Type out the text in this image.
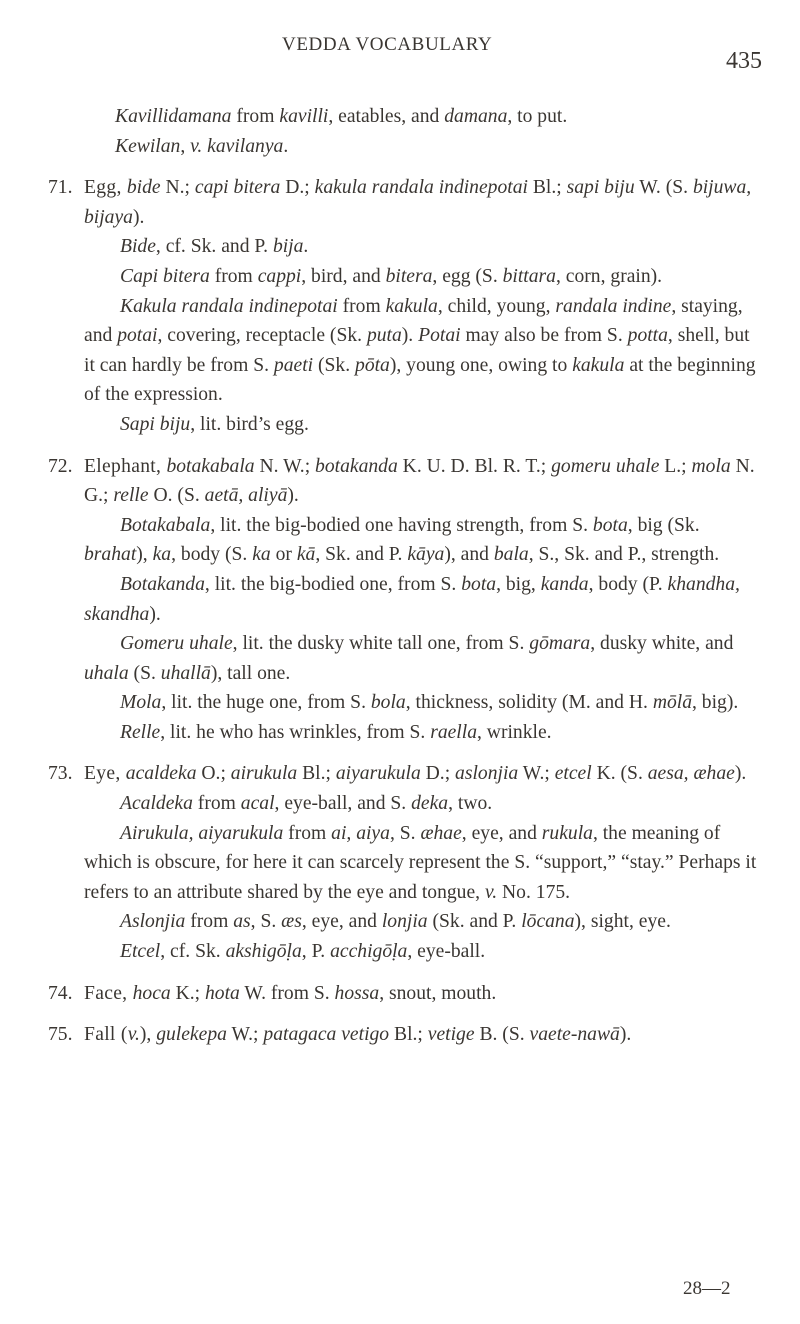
VEDDA VOCABULARY
435

Kavillidamana from kavilli, eatables, and damana, to put.

Kewilan, v. kavilanya.

71. Egg, bide N.; capi bitera D.; kakula randala indinepotai Bl.; sapi biju W. (S. bijuwa, bijaya).

Bide, cf. Sk. and P. bija.

Capi bitera from cappi, bird, and bitera, egg (S. bittara, corn, grain).

Kakula randala indinepotai from kakula, child, young, randala indine, staying, and potai, covering, receptacle (Sk. puta). Potai may also be from S. potta, shell, but it can hardly be from S. paeti (Sk. pōta), young one, owing to kakula at the beginning of the expression.

Sapi biju, lit. bird’s egg.

72. Elephant, botakabala N. W.; botakanda K. U. D. Bl. R. T.; gomeru uhale L.; mola N. G.; relle O. (S. aetā, aliyā).

Botakabala, lit. the big-bodied one having strength, from S. bota, big (Sk. brahat), ka, body (S. ka or kā, Sk. and P. kāya), and bala, S., Sk. and P., strength.

Botakanda, lit. the big-bodied one, from S. bota, big, kanda, body (P. khandha, skandha).

Gomeru uhale, lit. the dusky white tall one, from S. gōmara, dusky white, and uhala (S. uhallā), tall one.

Mola, lit. the huge one, from S. bola, thickness, solidity (M. and H. mōlā, big).

Relle, lit. he who has wrinkles, from S. raella, wrinkle.

73. Eye, acaldeka O.; airukula Bl.; aiyarukula D.; aslonjia W.; etcel K. (S. aesa, æhae).

Acaldeka from acal, eye-ball, and S. deka, two.

Airukula, aiyarukula from ai, aiya, S. æhae, eye, and rukula, the meaning of which is obscure, for here it can scarcely represent the S. “support,” “stay.” Perhaps it refers to an attribute shared by the eye and tongue, v. No. 175.

Aslonjia from as, S. æs, eye, and lonjia (Sk. and P. lōcana), sight, eye.

Etcel, cf. Sk. akshigōḷa, P. acchigōḷa, eye-ball.

74. Face, hoca K.; hota W. from S. hossa, snout, mouth.

75. Fall (v.), gulekepa W.; patagaca vetigo Bl.; vetige B. (S. vaete-nawā).

28—2
